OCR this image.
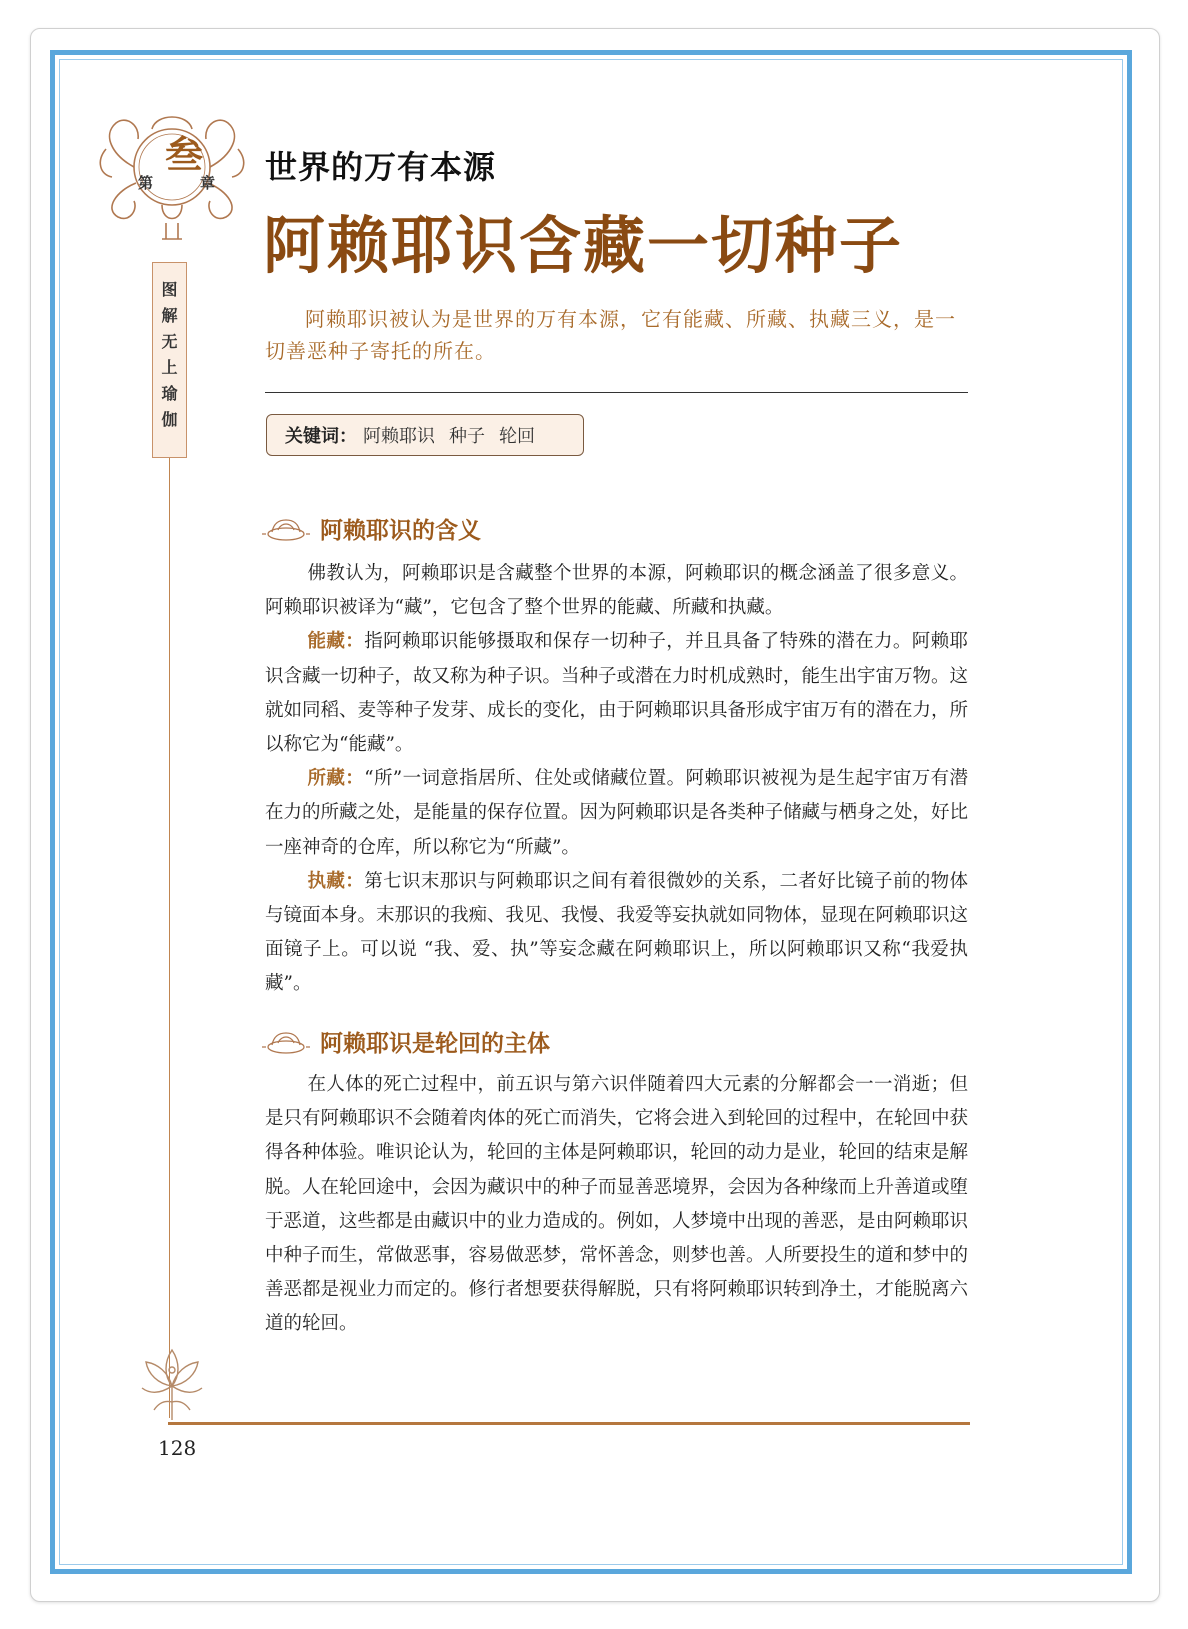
叁
第	章
图
解
无
上
瑜
伽
世界的万有本源
阿赖耶识含藏一切种子
阿赖耶识被认为是世界的万有本源，它有能藏、所藏、执藏三义，是一切善恶种子寄托的所在。
关键词： 阿赖耶识 种子 轮回
阿赖耶识的含义

佛教认为，阿赖耶识是含藏整个世界的本源，阿赖耶识的概念涵盖了很多意义。阿赖耶识被译为“藏”，它包含了整个世界的能藏、所藏和执藏。

能藏：指阿赖耶识能够摄取和保存一切种子，并且具备了特殊的潜在力。阿赖耶识含藏一切种子，故又称为种子识。当种子或潜在力时机成熟时，能生出宇宙万物。这就如同稻、麦等种子发芽、成长的变化，由于阿赖耶识具备形成宇宙万有的潜在力，所以称它为“能藏”。

所藏：“所”一词意指居所、住处或储藏位置。阿赖耶识被视为是生起宇宙万有潜在力的所藏之处，是能量的保存位置。因为阿赖耶识是各类种子储藏与栖身之处，好比一座神奇的仓库，所以称它为“所藏”。

执藏：第七识末那识与阿赖耶识之间有着很微妙的关系，二者好比镜子前的物体与镜面本身。末那识的我痴、我见、我慢、我爱等妄执就如同物体，显现在阿赖耶识这面镜子上。可以说 “我、爱、执”等妄念藏在阿赖耶识上，所以阿赖耶识又称“我爱执藏”。

阿赖耶识是轮回的主体

在人体的死亡过程中，前五识与第六识伴随着四大元素的分解都会一一消逝；但是只有阿赖耶识不会随着肉体的死亡而消失，它将会进入到轮回的过程中，在轮回中获得各种体验。唯识论认为，轮回的主体是阿赖耶识，轮回的动力是业，轮回的结束是解脱。人在轮回途中，会因为藏识中的种子而显善恶境界，会因为各种缘而上升善道或堕于恶道，这些都是由藏识中的业力造成的。例如，人梦境中出现的善恶，是由阿赖耶识中种子而生，常做恶事，容易做恶梦，常怀善念，则梦也善。人所要投生的道和梦中的善恶都是视业力而定的。修行者想要获得解脱，只有将阿赖耶识转到净土，才能脱离六道的轮回。

128
